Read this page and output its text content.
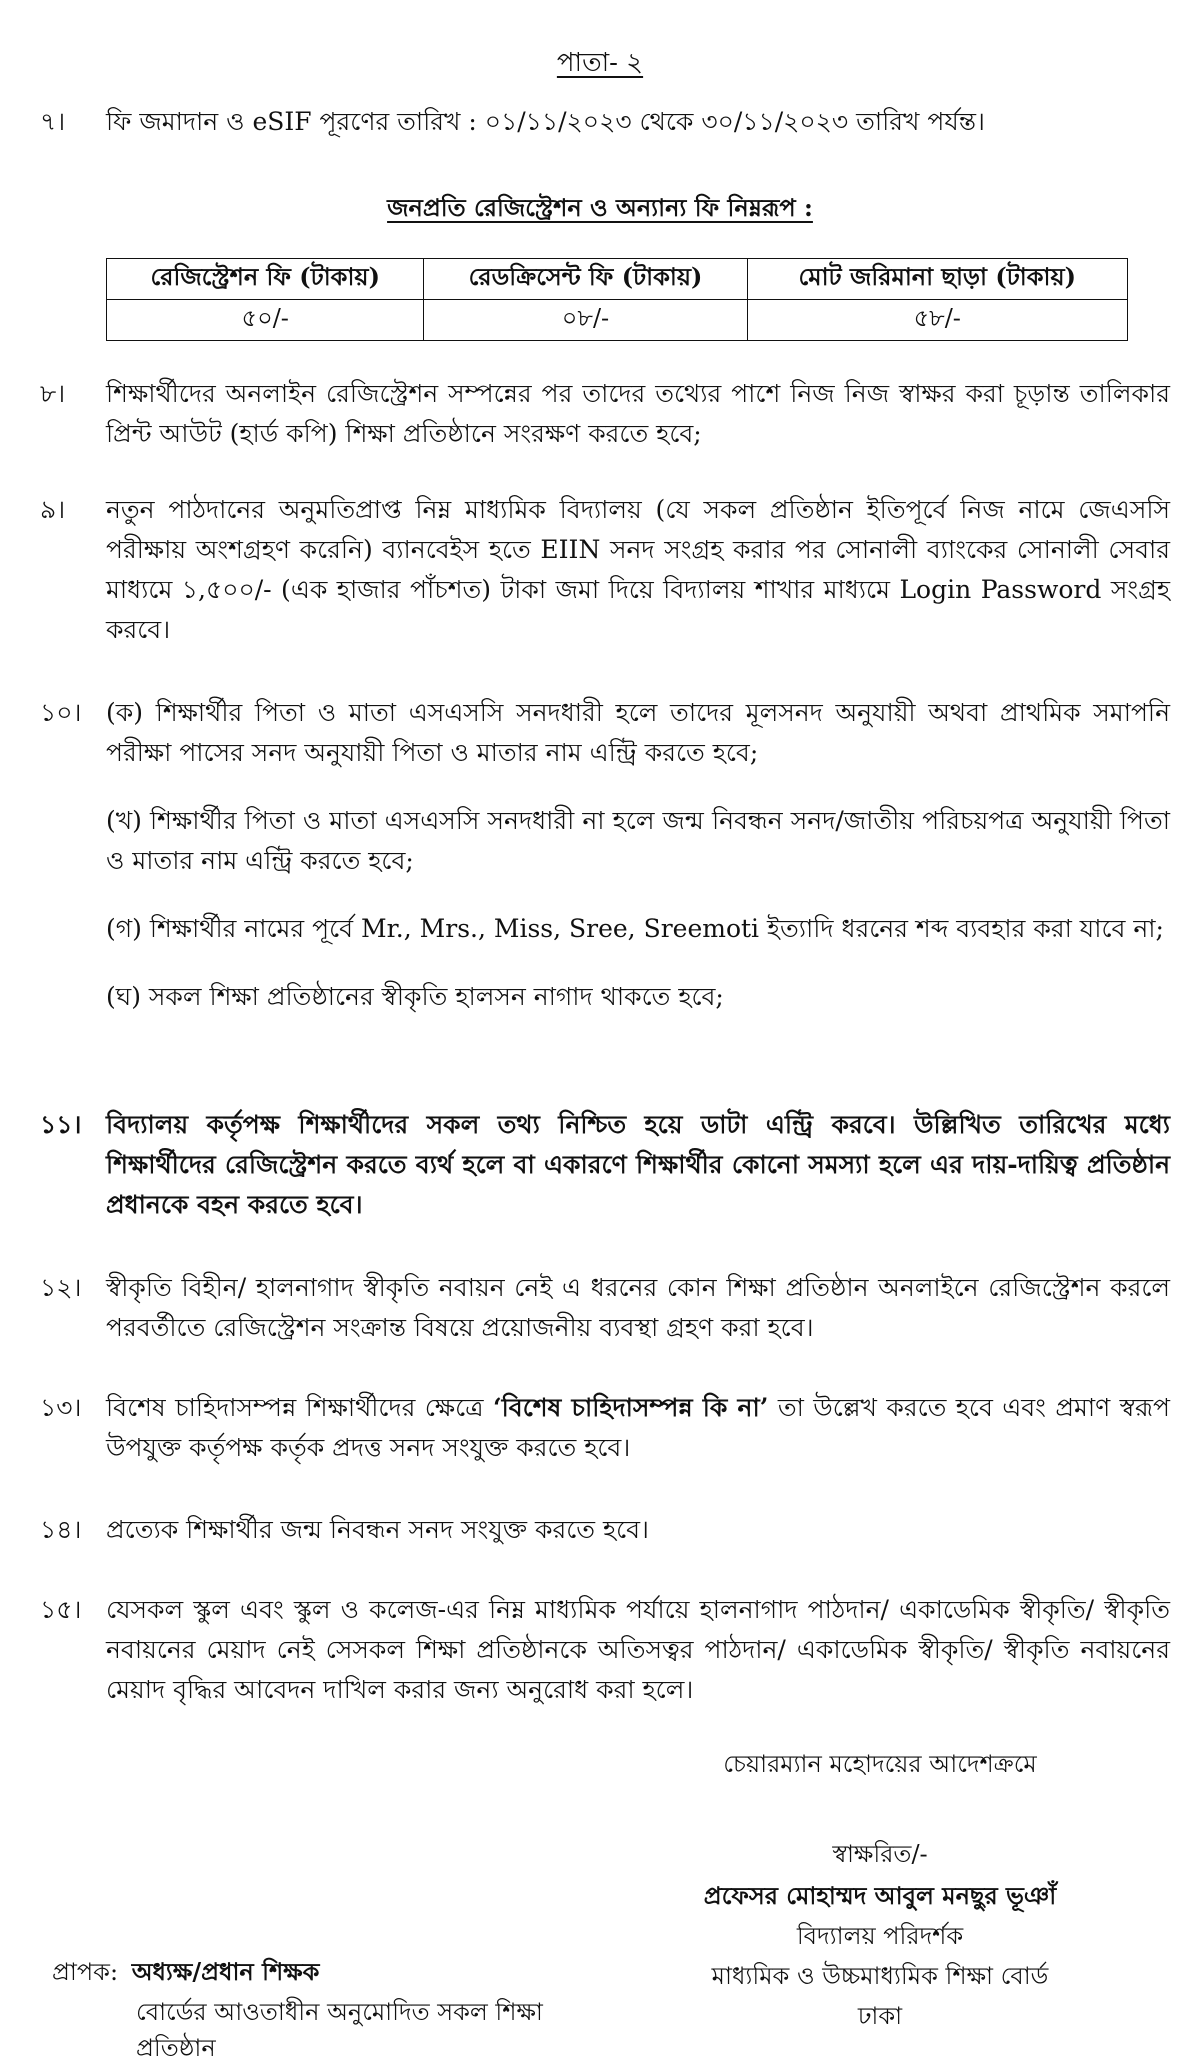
পাতা- ২
৭।	ফি জমাদান ও eSIF পূরণের তারিখ : ০১/১১/২০২৩ থেকে ৩০/১১/২০২৩ তারিখ পর্যন্ত।

জনপ্রতি রেজিস্ট্রেশন ও অন্যান্য ফি নিম্নরূপ :
রেজিস্ট্রেশন ফি (টাকায়)	রেডক্রিসেন্ট ফি (টাকায়)	মোট জরিমানা ছাড়া (টাকায়)
৫০/-	০৮/-	৫৮/-
৮।	শিক্ষার্থীদের অনলাইন রেজিস্ট্রেশন সম্পন্নের পর তাদের তথ্যের পাশে নিজ নিজ স্বাক্ষর করা চূড়ান্ত তালিকার প্রিন্ট আউট (হার্ড কপি) শিক্ষা প্রতিষ্ঠানে সংরক্ষণ করতে হবে;

৯।	নতুন পাঠদানের অনুমতিপ্রাপ্ত নিম্ন মাধ্যমিক বিদ্যালয় (যে সকল প্রতিষ্ঠান ইতিপূর্বে নিজ নামে জেএসসি পরীক্ষায় অংশগ্রহণ করেনি) ব্যানবেইস হতে EIIN সনদ সংগ্রহ করার পর সোনালী ব্যাংকের সোনালী সেবার মাধ্যমে ১,৫০০/- (এক হাজার পাঁচশত) টাকা জমা দিয়ে বিদ্যালয় শাখার মাধ্যমে Login Password সংগ্রহ করবে।

১০। (ক) শিক্ষার্থীর পিতা ও মাতা এসএসসি সনদধারী হলে তাদের মূলসনদ অনুযায়ী অথবা প্রাথমিক সমাপনি পরীক্ষা পাসের সনদ অনুযায়ী পিতা ও মাতার নাম এন্ট্রি করতে হবে;

(খ) শিক্ষার্থীর পিতা ও মাতা এসএসসি সনদধারী না হলে জন্ম নিবন্ধন সনদ/জাতীয় পরিচয়পত্র অনুযায়ী পিতা ও মাতার নাম এন্ট্রি করতে হবে;

(গ) শিক্ষার্থীর নামের পূর্বে Mr., Mrs., Miss, Sree, Sreemoti ইত্যাদি ধরনের শব্দ ব্যবহার করা যাবে না;

(ঘ) সকল শিক্ষা প্রতিষ্ঠানের স্বীকৃতি হালসন নাগাদ থাকতে হবে;

১১। বিদ্যালয় কর্তৃপক্ষ শিক্ষার্থীদের সকল তথ্য নিশ্চিত হয়ে ডাটা এন্ট্রি করবে। উল্লিখিত তারিখের মধ্যে শিক্ষার্থীদের রেজিস্ট্রেশন করতে ব্যর্থ হলে বা একারণে শিক্ষার্থীর কোনো সমস্যা হলে এর দায়-দায়িত্ব প্রতিষ্ঠান প্রধানকে বহন করতে হবে।

১২। স্বীকৃতি বিহীন/ হালনাগাদ স্বীকৃতি নবায়ন নেই এ ধরনের কোন শিক্ষা প্রতিষ্ঠান অনলাইনে রেজিস্ট্রেশন করলে পরবর্তীতে রেজিস্ট্রেশন সংক্রান্ত বিষয়ে প্রয়োজনীয় ব্যবস্থা গ্রহণ করা হবে।

১৩। বিশেষ চাহিদাসম্পন্ন শিক্ষার্থীদের ক্ষেত্রে ‘বিশেষ চাহিদাসম্পন্ন কি না’ তা উল্লেখ করতে হবে এবং প্রমাণ স্বরূপ উপযুক্ত কর্তৃপক্ষ কর্তৃক প্রদত্ত সনদ সংযুক্ত করতে হবে।

১৪। প্রত্যেক শিক্ষার্থীর জন্ম নিবন্ধন সনদ সংযুক্ত করতে হবে।

১৫। যেসকল স্কুল এবং স্কুল ও কলেজ-এর নিম্ন মাধ্যমিক পর্যায়ে হালনাগাদ পাঠদান/ একাডেমিক স্বীকৃতি/ স্বীকৃতি নবায়নের মেয়াদ নেই সেসকল শিক্ষা প্রতিষ্ঠানকে অতিসত্বর পাঠদান/ একাডেমিক স্বীকৃতি/ স্বীকৃতি নবায়নের মেয়াদ বৃদ্ধির আবেদন দাখিল করার জন্য অনুরোধ করা হলে।

চেয়ারম্যান মহোদয়ের আদেশক্রমে
স্বাক্ষরিত/-
প্রফেসর মোহাম্মদ আবুল মনছুর ভূঞাঁ
বিদ্যালয় পরিদর্শক
মাধ্যমিক ও উচ্চমাধ্যমিক শিক্ষা বোর্ড
ঢাকা
প্রাপক: অধ্যক্ষ/প্রধান শিক্ষক
বোর্ডের আওতাধীন অনুমোদিত সকল শিক্ষা
প্রতিষ্ঠান
